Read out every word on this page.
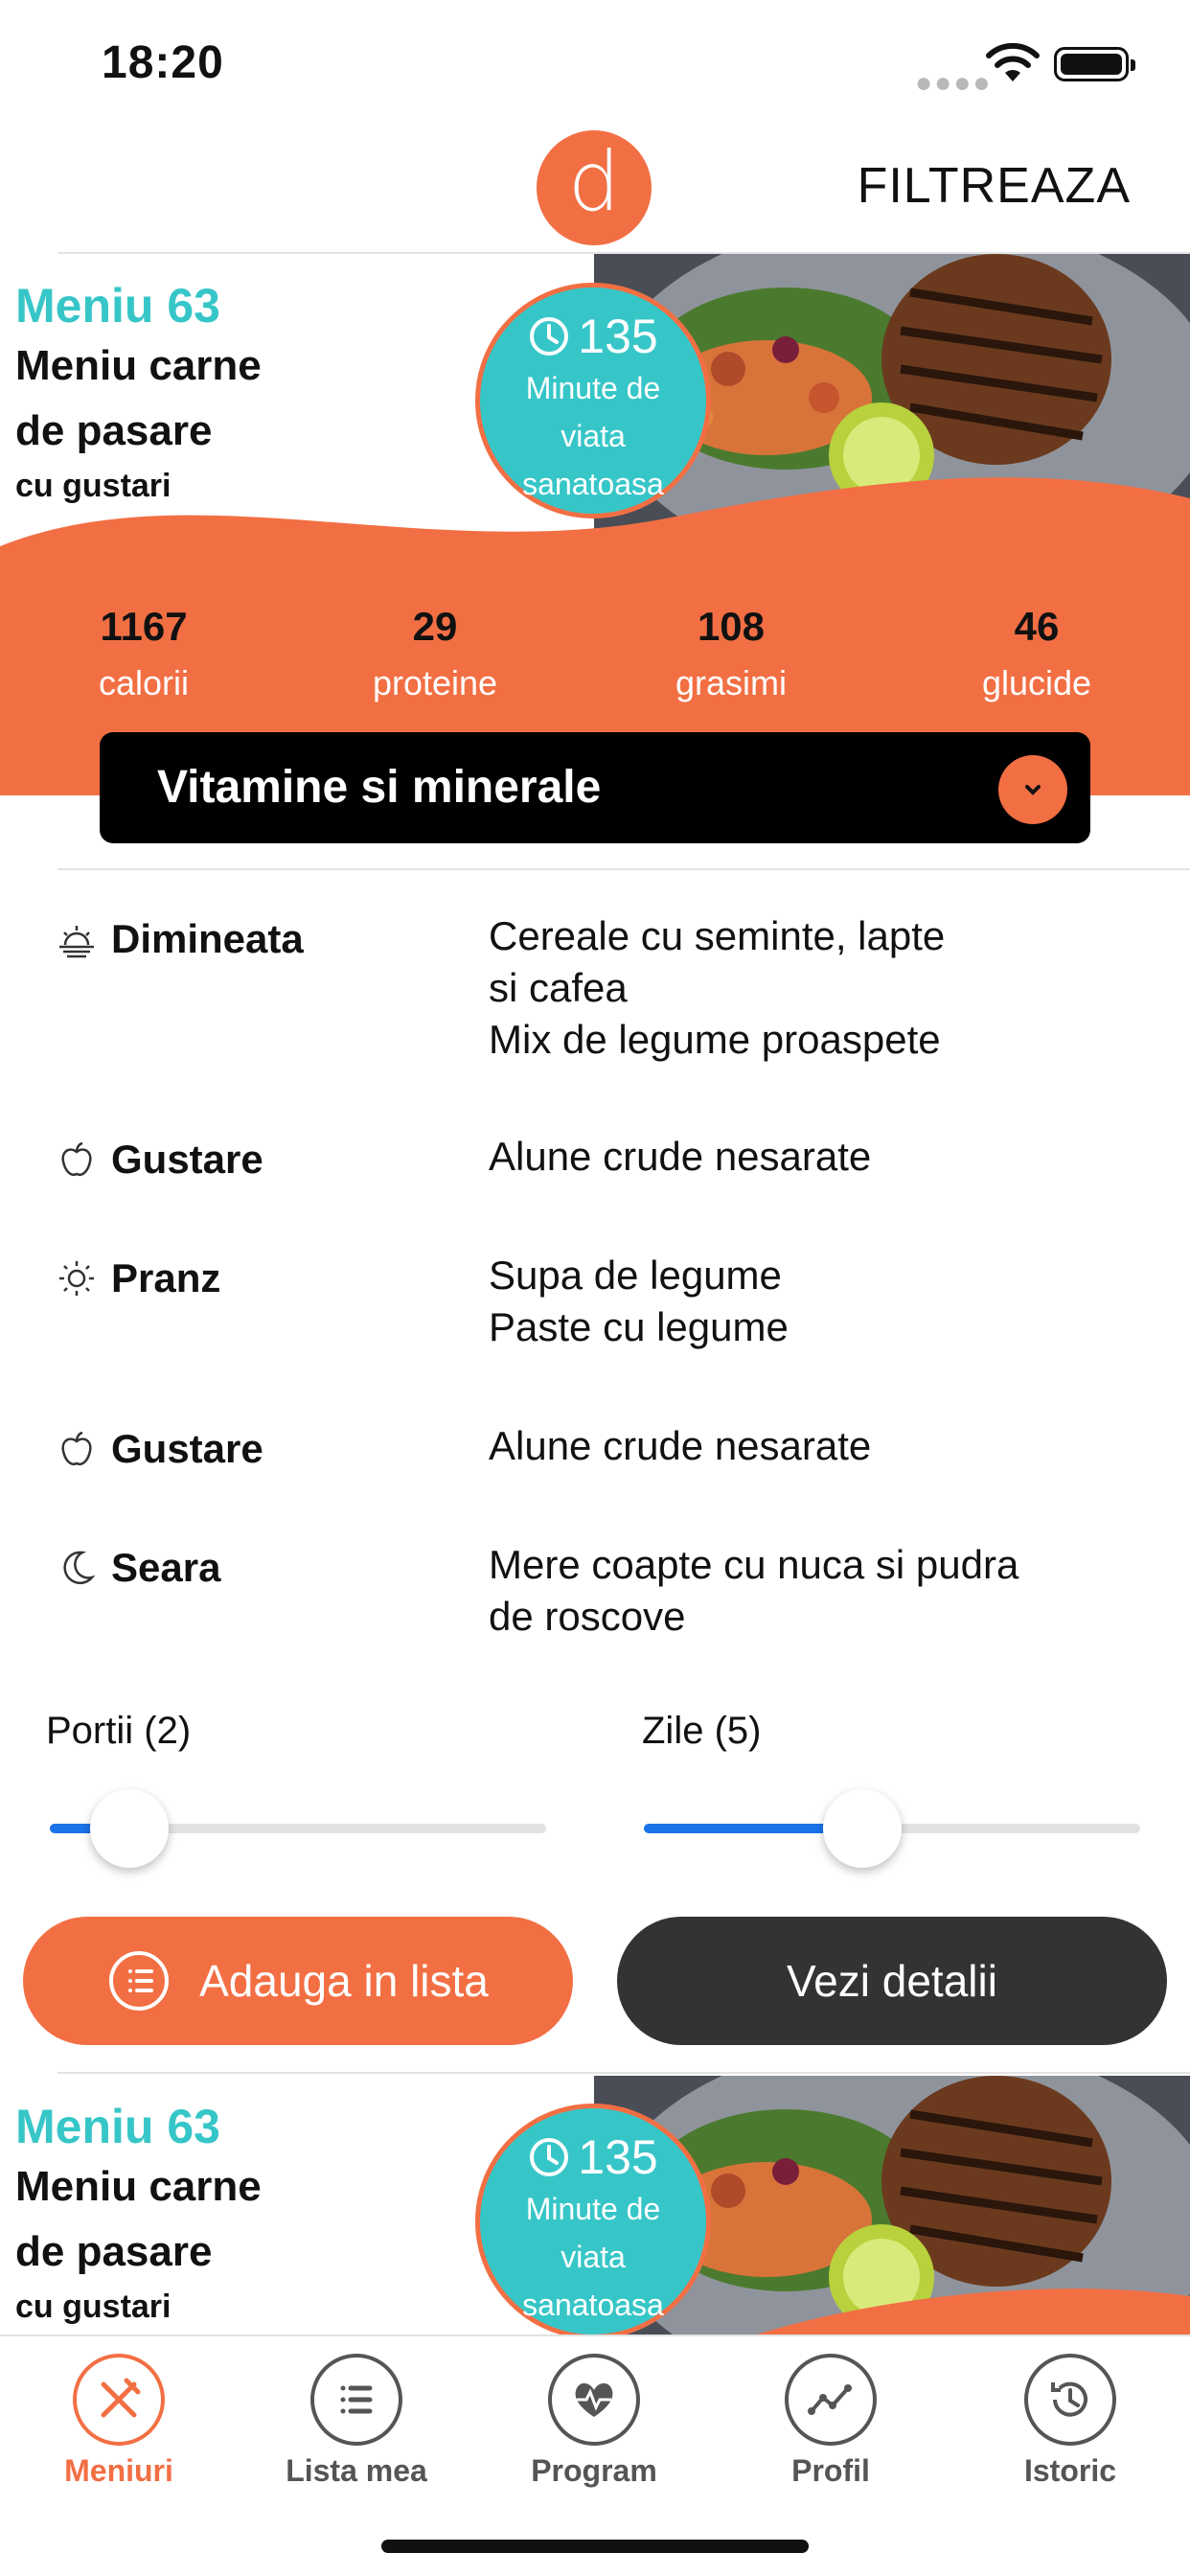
18:20	●●●●
d	FILTREAZA
Meniu 63
Meniu carne
de pasare
cu gustari
135
Minute de
viata
sanatoasa
1167
calorii
29
proteine
108
grasimi
46
glucide
Vitamine si minerale
Dimineata	Cereale cu seminte, lapte
si cafea
Mix de legume proaspete
Gustare	Alune crude nesarate
Pranz	Supa de legume
Paste cu legume
Gustare	Alune crude nesarate
Seara	Mere coapte cu nuca si pudra
de roscove
Portii (2)	Zile (5)
Adauga in lista	Vezi detalii
Meniu 63
Meniu carne
de pasare
cu gustari
135
Minute de
viata
sanatoasa
Meniuri	Lista mea	Program	Profil	Istoric
